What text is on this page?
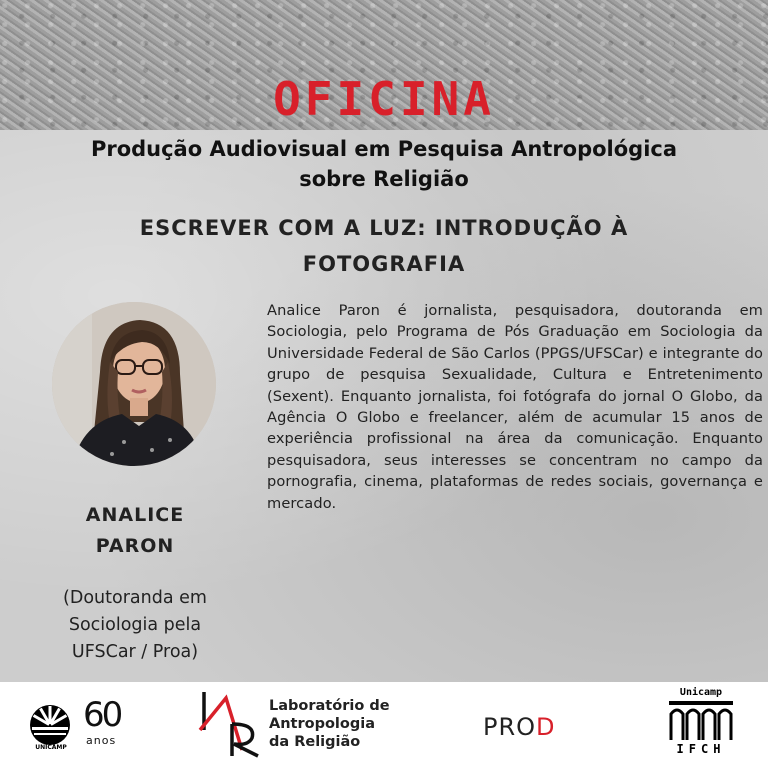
OFICINA
Produção Audiovisual em Pesquisa Antropológica
sobre Religião
ESCREVER COM A LUZ: INTRODUÇÃO À
FOTOGRAFIA
ANALICE
PARON
(Doutoranda em
Sociologia pela
UFSCar / Proa)
Analice Paron é jornalista, pesquisadora, doutoranda em Sociologia, pelo Programa de Pós Graduação em Sociologia da Universidade Federal de São Carlos (PPGS/UFSCar) e integrante do grupo de pesquisa Sexualidade, Cultura e Entretenimento (Sexent). Enquanto jornalista, foi fotógrafa do jornal O Globo, da Agência O Globo e freelancer, além de acumular 15 anos de experiência profissional na área da comunicação. Enquanto pesquisadora, seus interesses se concentram no campo da pornografia, cinema, plataformas de redes sociais, governança e mercado.
UNICAMP
60
anos
Laboratório de
Antropologia
da Religião
PROD
Unicamp
IFCH
